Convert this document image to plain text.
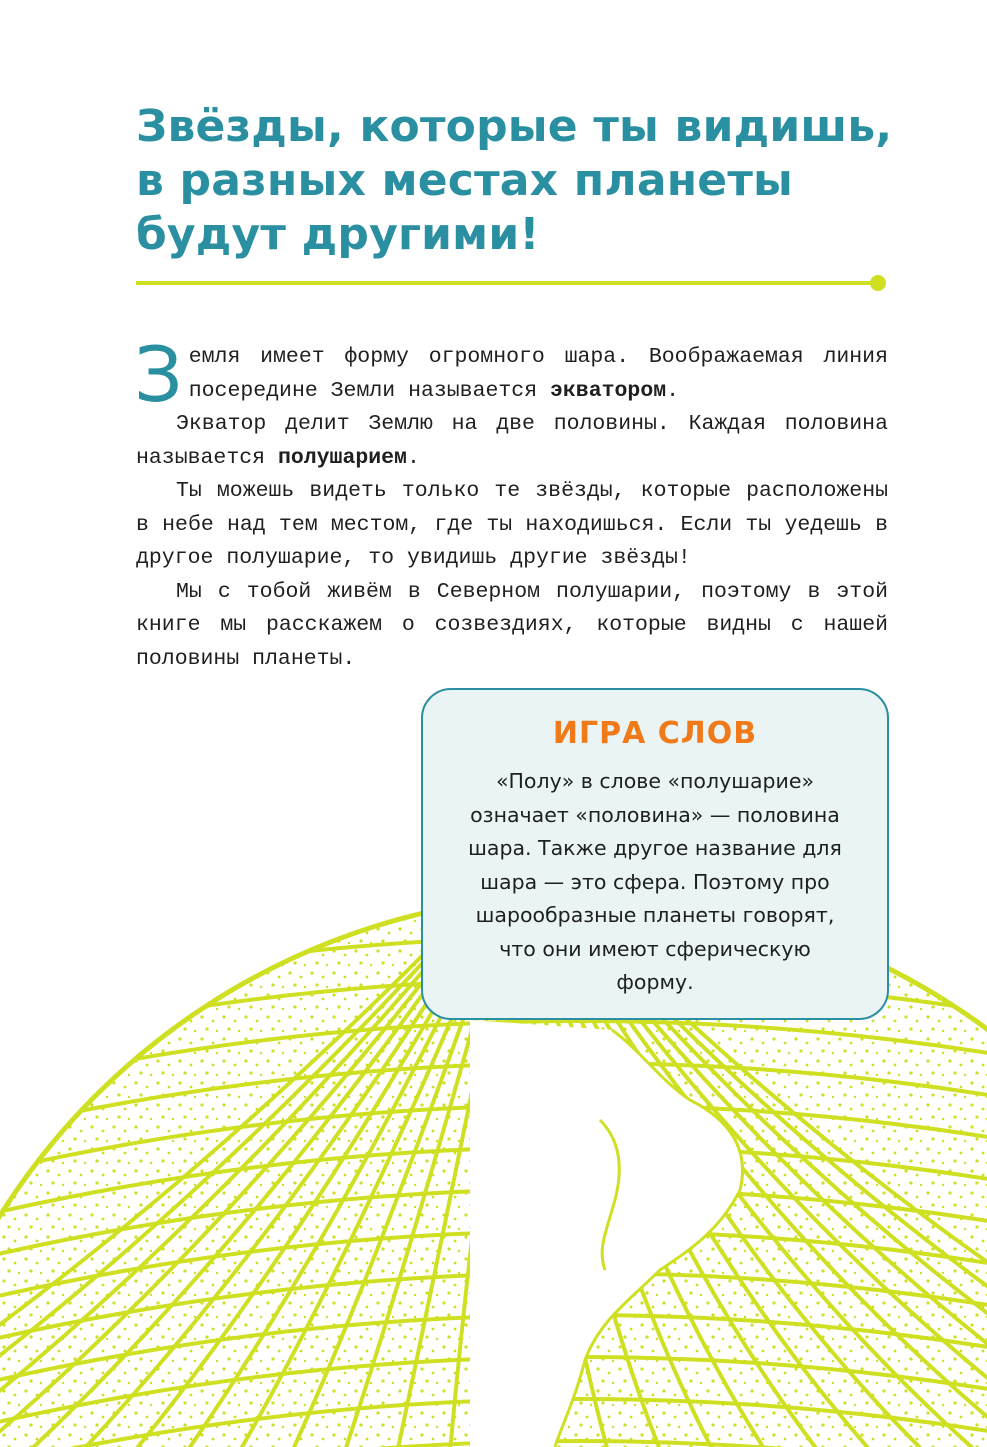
Звёзды, которые ты видишь,
в разных местах планеты
будут другими!

Земля имеет форму огромного шара. Воображаемая линия посередине Земли называется экватором.

Экватор делит Землю на две половины. Каждая половина называется полушарием.

Ты можешь видеть только те звёзды, которые расположены в небе над тем местом, где ты находишься. Если ты уедешь в другое полушарие, то увидишь другие звёзды!

Мы с тобой живём в Северном полушарии, поэтому в этой книге мы расскажем о созвездиях, которые видны с нашей половины планеты.

ИГРА СЛОВ
«Полу» в слове «полушарие»
означает «половина» — половина
шара. Также другое название для
шара — это сфера. Поэтому про
шарообразные планеты говорят,
что они имеют сферическую
форму.
